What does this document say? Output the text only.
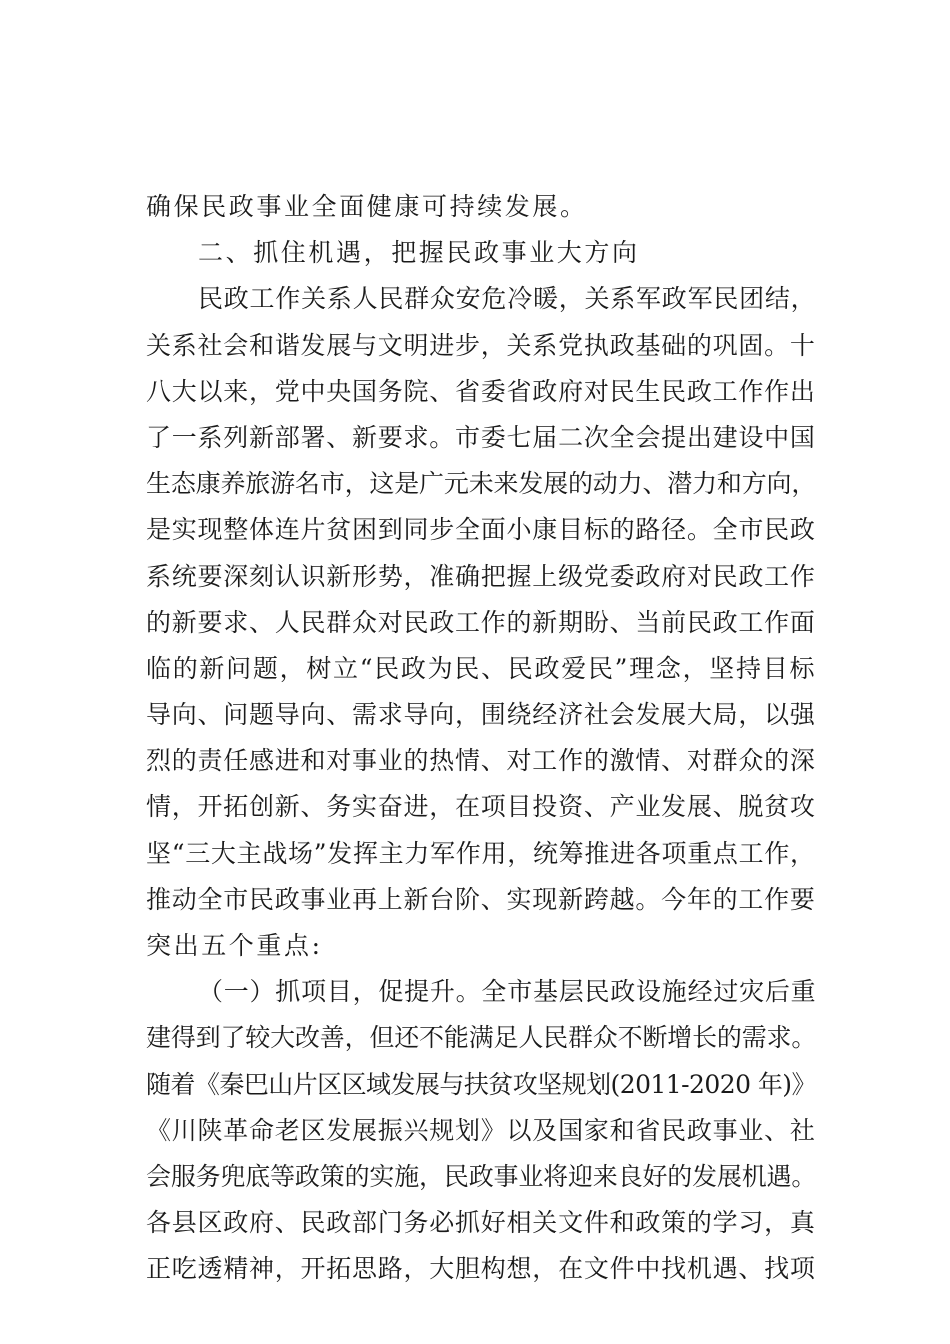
确保民政事业全面健康可持续发展。
二、抓住机遇，把握民政事业大方向
民政工作关系人民群众安危冷暖，关系军政军民团结，
关系社会和谐发展与文明进步，关系党执政基础的巩固。十
八大以来，党中央国务院、省委省政府对民生民政工作作出
了一系列新部署、新要求。市委七届二次全会提出建设中国
生态康养旅游名市，这是广元未来发展的动力、潜力和方向，
是实现整体连片贫困到同步全面小康目标的路径。全市民政
系统要深刻认识新形势，准确把握上级党委政府对民政工作
的新要求、人民群众对民政工作的新期盼、当前民政工作面
临的新问题，树立“民政为民、民政爱民”理念，坚持目标
导向、问题导向、需求导向，围绕经济社会发展大局，以强
烈的责任感进和对事业的热情、对工作的激情、对群众的深
情，开拓创新、务实奋进，在项目投资、产业发展、脱贫攻
坚“三大主战场”发挥主力军作用，统筹推进各项重点工作，
推动全市民政事业再上新台阶、实现新跨越。今年的工作要
突出五个重点:
（一）抓项目，促提升。全市基层民政设施经过灾后重
建得到了较大改善，但还不能满足人民群众不断增长的需求。
随着《秦巴山片区区域发展与扶贫攻坚规划(2011-2020 年)》
《川陕革命老区发展振兴规划》以及国家和省民政事业、社
会服务兜底等政策的实施，民政事业将迎来良好的发展机遇。
各县区政府、民政部门务必抓好相关文件和政策的学习，真
正吃透精神，开拓思路，大胆构想，在文件中找机遇、找项
